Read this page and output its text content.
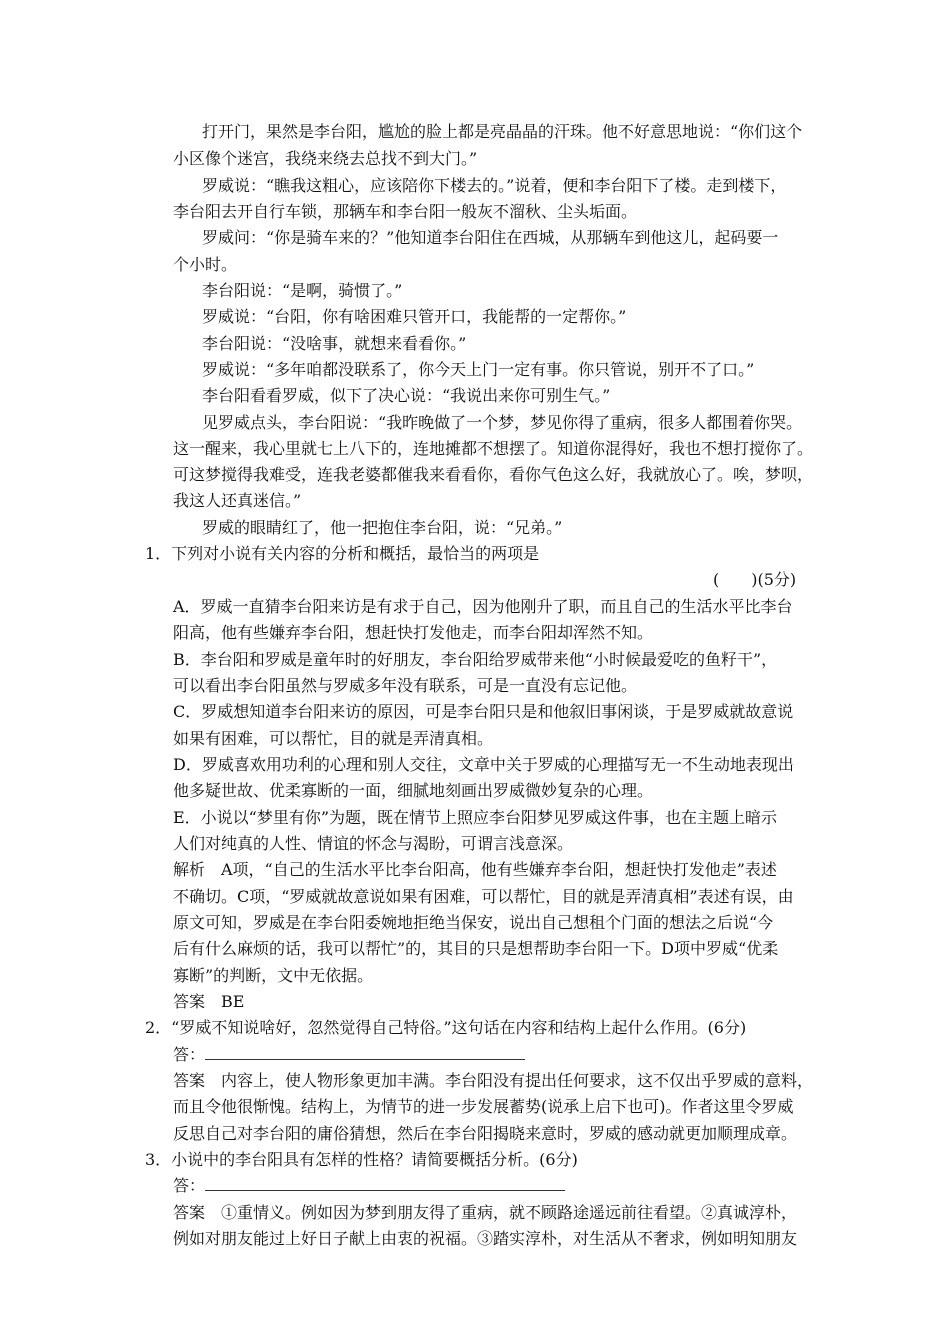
打开门，果然是李台阳，尴尬的脸上都是亮晶晶的汗珠。他不好意思地说：“你们这个
小区像个迷宫，我绕来绕去总找不到大门。”
罗威说：“瞧我这粗心，应该陪你下楼去的。”说着，便和李台阳下了楼。走到楼下，
李台阳去开自行车锁，那辆车和李台阳一般灰不溜秋、尘头垢面。
罗威问：“你是骑车来的？”他知道李台阳住在西城，从那辆车到他这儿，起码要一
个小时。
李台阳说：“是啊，骑惯了。”
罗威说：“台阳，你有啥困难只管开口，我能帮的一定帮你。”
李台阳说：“没啥事，就想来看看你。”
罗威说：“多年咱都没联系了，你今天上门一定有事。你只管说，别开不了口。”
李台阳看看罗威，似下了决心说：“我说出来你可别生气。”
见罗威点头，李台阳说：“我昨晚做了一个梦，梦见你得了重病，很多人都围着你哭。
这一醒来，我心里就七上八下的，连地摊都不想摆了。知道你混得好，我也不想打搅你了。
可这梦搅得我难受，连我老婆都催我来看看你，看你气色这么好，我就放心了。唉，梦呗，
我这人还真迷信。”
罗威的眼睛红了，他一把抱住李台阳，说：“兄弟。”
1．下列对小说有关内容的分析和概括，最恰当的两项是
(　　)(5分)
A．罗威一直猜李台阳来访是有求于自己，因为他刚升了职，而且自己的生活水平比李台
阳高，他有些嫌弃李台阳，想赶快打发他走，而李台阳却浑然不知。
B．李台阳和罗威是童年时的好朋友，李台阳给罗威带来他“小时候最爱吃的鱼籽干”，
可以看出李台阳虽然与罗威多年没有联系，可是一直没有忘记他。
C．罗威想知道李台阳来访的原因，可是李台阳只是和他叙旧事闲谈，于是罗威就故意说
如果有困难，可以帮忙，目的就是弄清真相。
D．罗威喜欢用功利的心理和别人交往，文章中关于罗威的心理描写无一不生动地表现出
他多疑世故、优柔寡断的一面，细腻地刻画出罗威微妙复杂的心理。
E．小说以“梦里有你”为题，既在情节上照应李台阳梦见罗威这件事，也在主题上暗示
人们对纯真的人性、情谊的怀念与渴盼，可谓言浅意深。
解析　A项，“自己的生活水平比李台阳高，他有些嫌弃李台阳，想赶快打发他走”表述
不确切。C项，“罗威就故意说如果有困难，可以帮忙，目的就是弄清真相”表述有误，由
原文可知，罗威是在李台阳委婉地拒绝当保安，说出自己想租个门面的想法之后说“今
后有什么麻烦的话，我可以帮忙”的，其目的只是想帮助李台阳一下。D项中罗威“优柔
寡断”的判断，文中无依据。
答案　BE
2．“罗威不知说啥好，忽然觉得自己特俗。”这句话在内容和结构上起什么作用。(6分)
答：
答案　内容上，使人物形象更加丰满。李台阳没有提出任何要求，这不仅出乎罗威的意料，
而且令他很惭愧。结构上，为情节的进一步发展蓄势(说承上启下也可)。作者这里令罗威
反思自己对李台阳的庸俗猜想，然后在李台阳揭晓来意时，罗威的感动就更加顺理成章。
3．小说中的李台阳具有怎样的性格？请简要概括分析。(6分)
答：
答案　①重情义。例如因为梦到朋友得了重病，就不顾路途遥远前往看望。②真诚淳朴，
例如对朋友能过上好日子献上由衷的祝福。③踏实淳朴，对生活从不奢求，例如明知朋友
